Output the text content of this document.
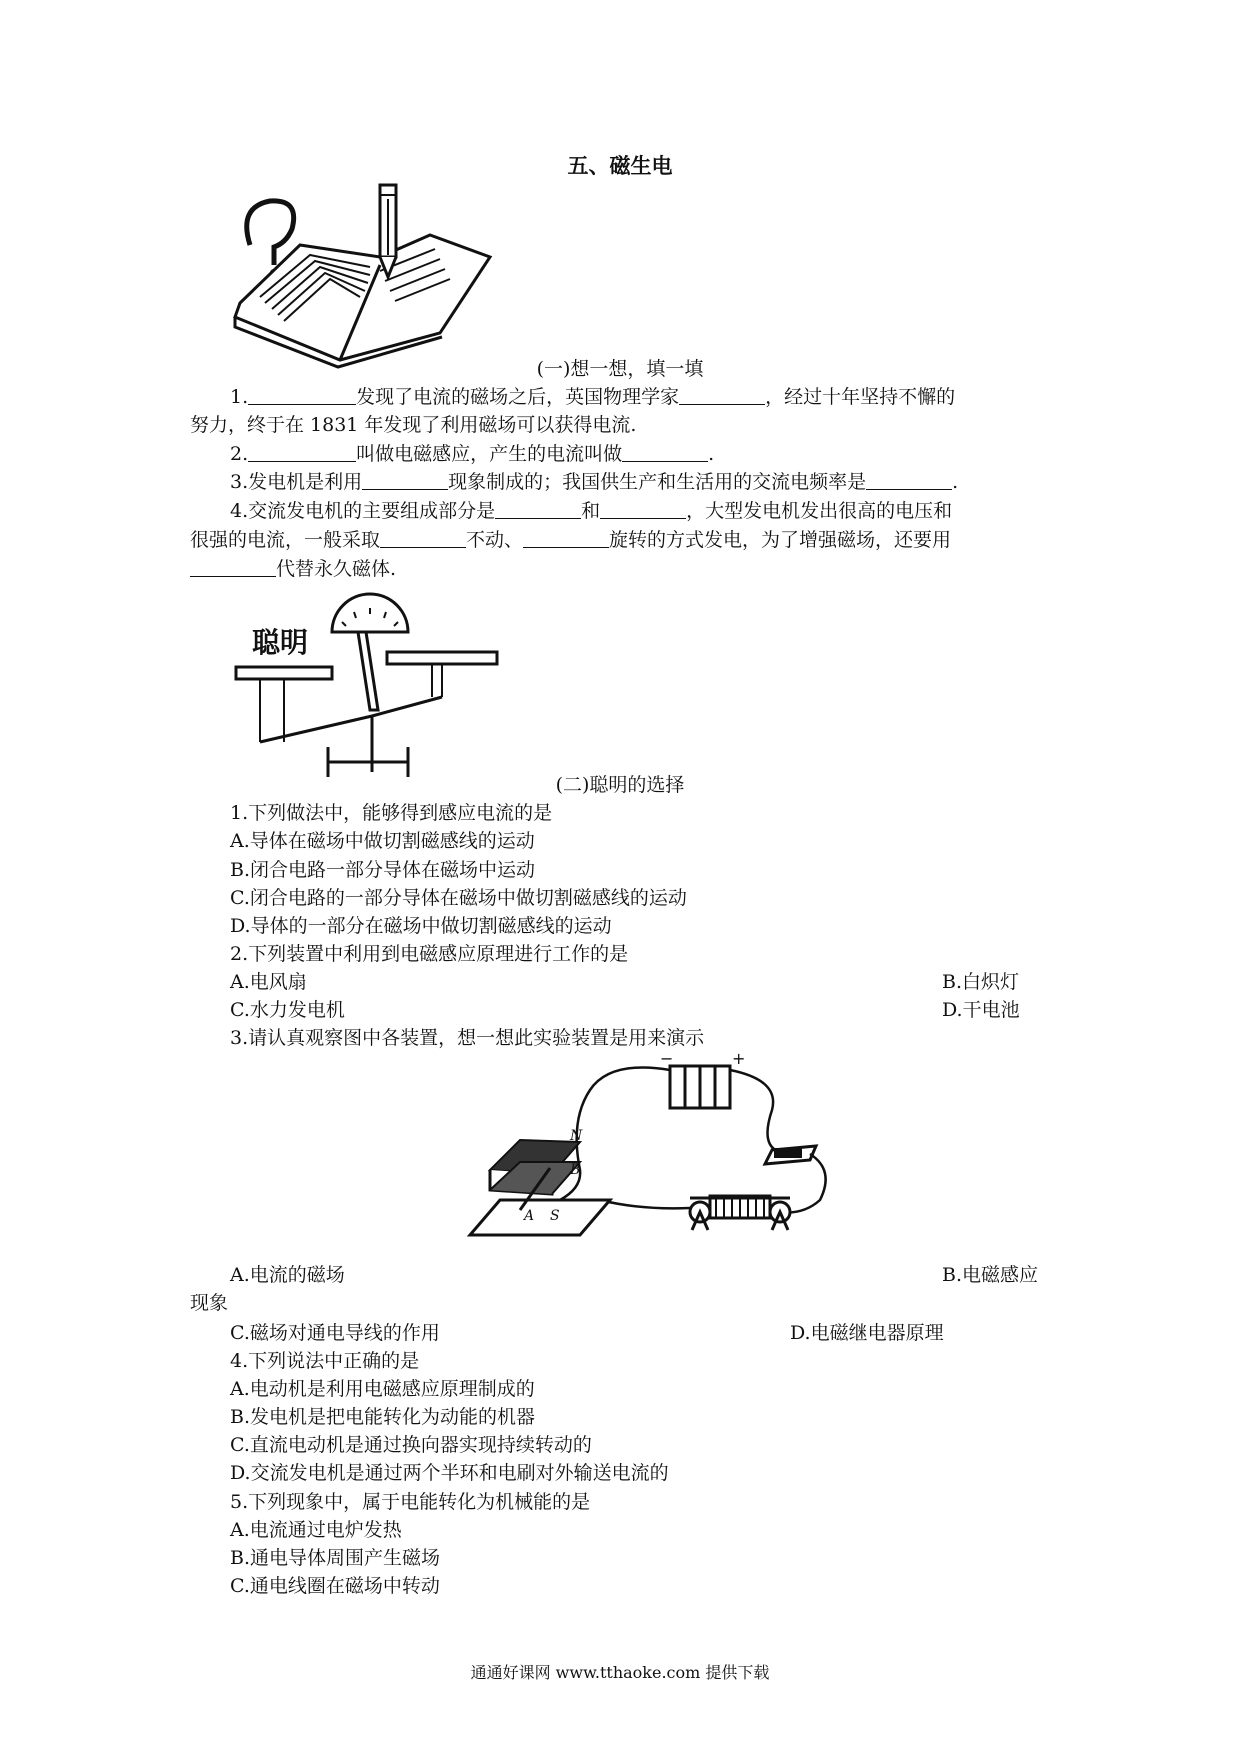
五、磁生电
(一)想一想，填一填
1.	发现了电流的磁场之后，英国物理学家	，经过十年坚持不懈的
努力，终于在 1831 年发现了利用磁场可以获得电流.
2.	叫做电磁感应，产生的电流叫做	.
3.发电机是利用	现象制成的；我国供生产和生活用的交流电频率是	.
4.交流发电机的主要组成部分是	和	，大型发电机发出很高的电压和
很强的电流，一般采取	不动、	旋转的方式发电，为了增强磁场，还要用
代替永久磁体.
聪明
(二)聪明的选择
1.下列做法中，能够得到感应电流的是
A.导体在磁场中做切割磁感线的运动
B.闭合电路一部分导体在磁场中运动
C.闭合电路的一部分导体在磁场中做切割磁感线的运动
D.导体的一部分在磁场中做切割磁感线的运动
2.下列装置中利用到电磁感应原理进行工作的是
A.电风扇	B.白炽灯
C.水力发电机	D.干电池
3.请认真观察图中各装置，想一想此实验装置是用来演示
−	+
N
B
A S
A.电流的磁场	B.电磁感应
现象
C.磁场对通电导线的作用	D.电磁继电器原理
4.下列说法中正确的是
A.电动机是利用电磁感应原理制成的
B.发电机是把电能转化为动能的机器
C.直流电动机是通过换向器实现持续转动的
D.交流发电机是通过两个半环和电刷对外输送电流的
5.下列现象中，属于电能转化为机械能的是
A.电流通过电炉发热
B.通电导体周围产生磁场
C.通电线圈在磁场中转动
通通好课网 www.tthaoke.com 提供下载
